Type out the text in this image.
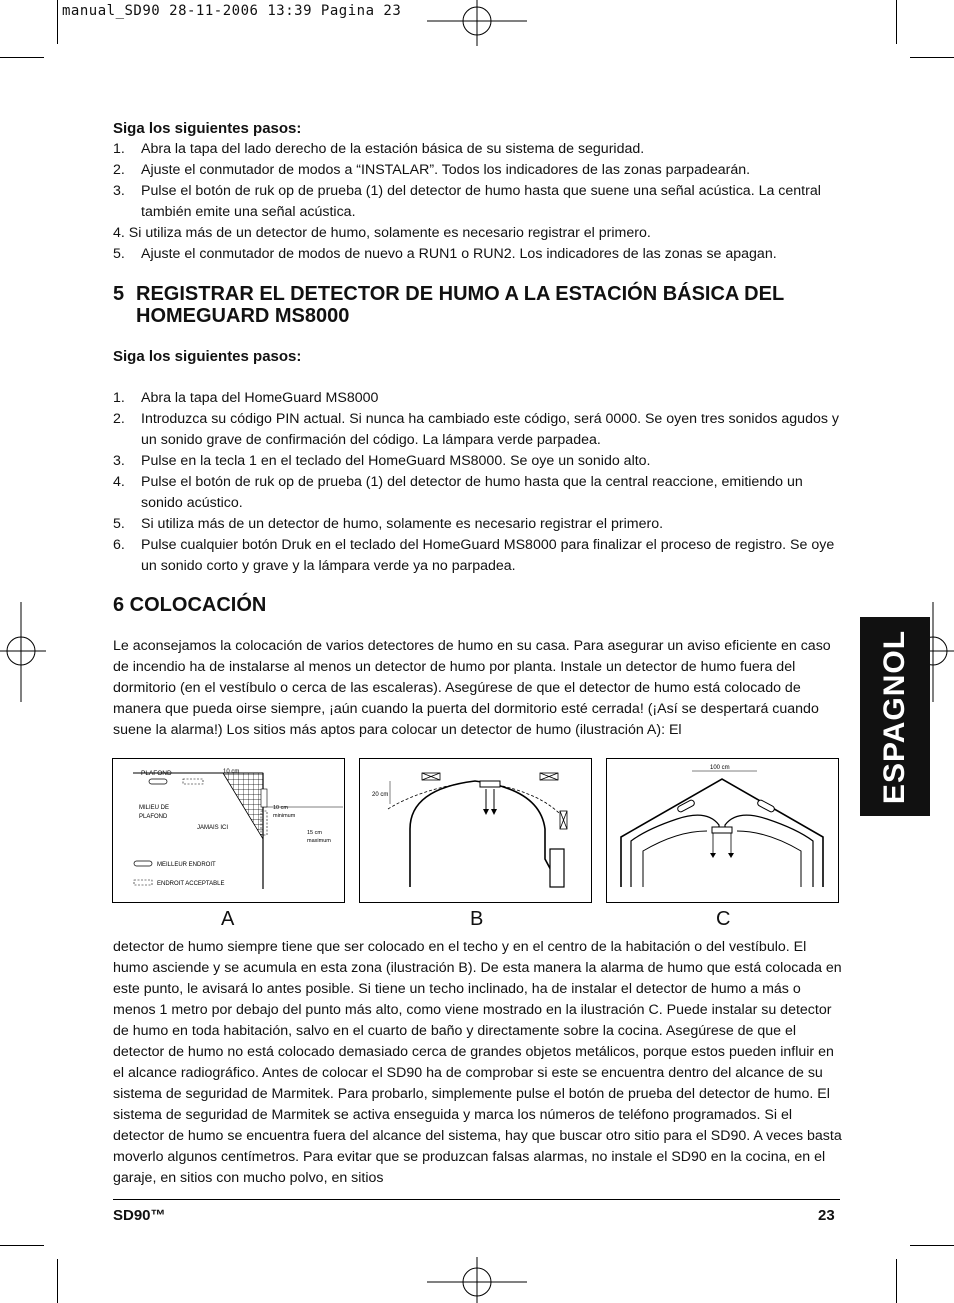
manual_SD90 28-11-2006 13:39 Pagina 23
ESPAGNOL

Siga los siguientes pasos:

1. Abra la tapa del lado derecho de la estación básica de su sistema de seguridad.
2. Ajuste el conmutador de modos a “INSTALAR”. Todos los indicadores de las zonas parpadearán.
3. Pulse el botón de ruk op de prueba (1) del detector de humo hasta que suene una señal acústica. La central también emite una señal acústica.

4. Si utiliza más de un detector de humo, solamente es necesario registrar el primero.

5. Ajuste el conmutador de modos de nuevo a RUN1 o RUN2. Los indicadores de las zonas se apagan.
5 REGISTRAR EL DETECTOR DE HUMO A LA ESTACIÓN BÁSICA DEL HOMEGUARD MS8000

Siga los siguientes pasos:

1. Abra la tapa del HomeGuard MS8000
2. Introduzca su código PIN actual. Si nunca ha cambiado este código, será 0000. Se oyen tres sonidos agudos y un sonido grave de confirmación del código. La lámpara verde parpadea.
3. Pulse en la tecla 1 en el teclado del HomeGuard MS8000. Se oye un sonido alto.
4. Pulse el botón de ruk op de prueba (1) del detector de humo hasta que la central reaccione, emitiendo un sonido acústico.
5. Si utiliza más de un detector de humo, solamente es necesario registrar el primero.
6. Pulse cualquier botón Druk en el teclado del HomeGuard MS8000 para finalizar el proceso de registro. Se oye un sonido corto y grave y la lámpara verde ya no parpadea.
6 COLOCACIÓN

Le aconsejamos la colocación de varios detectores de humo en su casa. Para asegurar un aviso eficiente en caso de incendio ha de instalarse al menos un detector de humo por planta. Instale un detector de humo fuera del dormitorio (en el vestíbulo o cerca de las escaleras). Asegúrese de que el detector de humo está colocado de manera que pueda oirse siempre, ¡aún cuando la puerta del dormitorio esté cerrada! (¡Así se despertará cuando suene la alarma!) Los sitios más aptos para colocar un detector de humo (ilustración A): El

PLAFOND	10 cm
MILIEU DE
PLAFOND
JAMAIS ICI
10 cm
minimum
15 cm
maximum
MEILLEUR ENDROIT
ENDROIT ACCEPTABLE
20 cm
100 cm
A	B	C

detector de humo siempre tiene que ser colocado en el techo y en el centro de la habitación o del vestíbulo. El humo asciende y se acumula en esta zona (ilustración B). De esta manera la alarma de humo que está colocada en este punto, le avisará lo antes posible. Si tiene un techo inclinado, ha de instalar el detector de humo a más o menos 1 metro por debajo del punto más alto, como viene mostrado en la ilustración C. Puede instalar su detector de humo en toda habitación, salvo en el cuarto de baño y directamente sobre la cocina. Asegúrese de que el detector de humo no está colocado demasiado cerca de grandes objetos metálicos, porque estos pueden influir en el alcance radiográfico. Antes de colocar el SD90 ha de comprobar si este se encuentra dentro del alcance de su sistema de seguridad de Marmitek. Para probarlo, simplemente pulse el botón de prueba del detector de humo. El sistema de seguridad de Marmitek se activa enseguida y marca los números de teléfono programados. Si el detector de humo se encuentra fuera del alcance del sistema, hay que buscar otro sitio para el SD90. A veces basta moverlo algunos centímetros. Para evitar que se produzcan falsas alarmas, no instale el SD90 en la cocina, en el garaje, en sitios con mucho polvo, en sitios

SD90™	23
